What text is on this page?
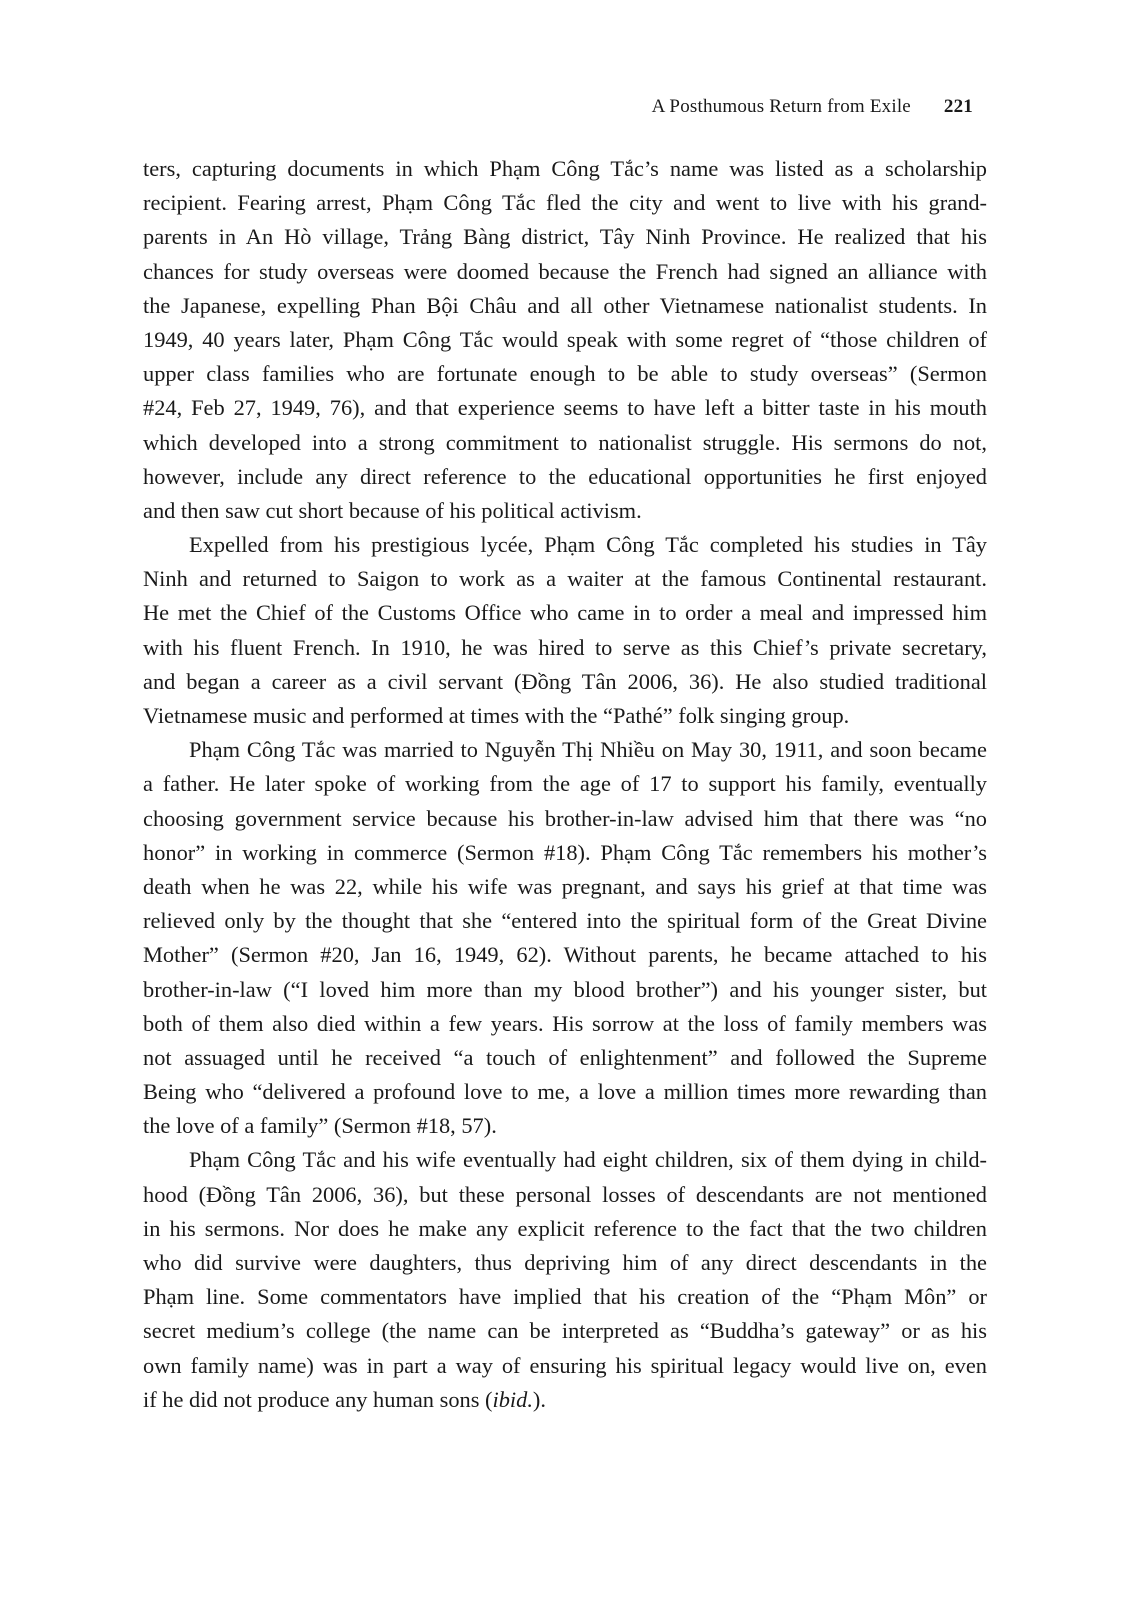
A Posthumous Return from Exile 221

ters, capturing documents in which Phạm Công Tắc’s name was listed as a scholarship
recipient. Fearing arrest, Phạm Công Tắc fled the city and went to live with his grand-
parents in An Hò village, Trảng Bàng district, Tây Ninh Province. He realized that his
chances for study overseas were doomed because the French had signed an alliance with
the Japanese, expelling Phan Bội Châu and all other Vietnamese nationalist students. In
1949, 40 years later, Phạm Công Tắc would speak with some regret of “those children of
upper class families who are fortunate enough to be able to study overseas” (Sermon
#24, Feb 27, 1949, 76), and that experience seems to have left a bitter taste in his mouth
which developed into a strong commitment to nationalist struggle. His sermons do not,
however, include any direct reference to the educational opportunities he first enjoyed
and then saw cut short because of his political activism.

Expelled from his prestigious lycée, Phạm Công Tắc completed his studies in Tây
Ninh and returned to Saigon to work as a waiter at the famous Continental restaurant.
He met the Chief of the Customs Office who came in to order a meal and impressed him
with his fluent French. In 1910, he was hired to serve as this Chief’s private secretary,
and began a career as a civil servant (Đồng Tân 2006, 36). He also studied traditional
Vietnamese music and performed at times with the “Pathé” folk singing group.

Phạm Công Tắc was married to Nguyễn Thị Nhiều on May 30, 1911, and soon became
a father. He later spoke of working from the age of 17 to support his family, eventually
choosing government service because his brother-in-law advised him that there was “no
honor” in working in commerce (Sermon #18). Phạm Công Tắc remembers his mother’s
death when he was 22, while his wife was pregnant, and says his grief at that time was
relieved only by the thought that she “entered into the spiritual form of the Great Divine
Mother” (Sermon #20, Jan 16, 1949, 62). Without parents, he became attached to his
brother-in-law (“I loved him more than my blood brother”) and his younger sister, but
both of them also died within a few years. His sorrow at the loss of family members was
not assuaged until he received “a touch of enlightenment” and followed the Supreme
Being who “delivered a profound love to me, a love a million times more rewarding than
the love of a family” (Sermon #18, 57).

Phạm Công Tắc and his wife eventually had eight children, six of them dying in child-
hood (Đồng Tân 2006, 36), but these personal losses of descendants are not mentioned
in his sermons. Nor does he make any explicit reference to the fact that the two children
who did survive were daughters, thus depriving him of any direct descendants in the
Phạm line. Some commentators have implied that his creation of the “Phạm Môn” or
secret medium’s college (the name can be interpreted as “Buddha’s gateway” or as his
own family name) was in part a way of ensuring his spiritual legacy would live on, even
if he did not produce any human sons (ibid.).
